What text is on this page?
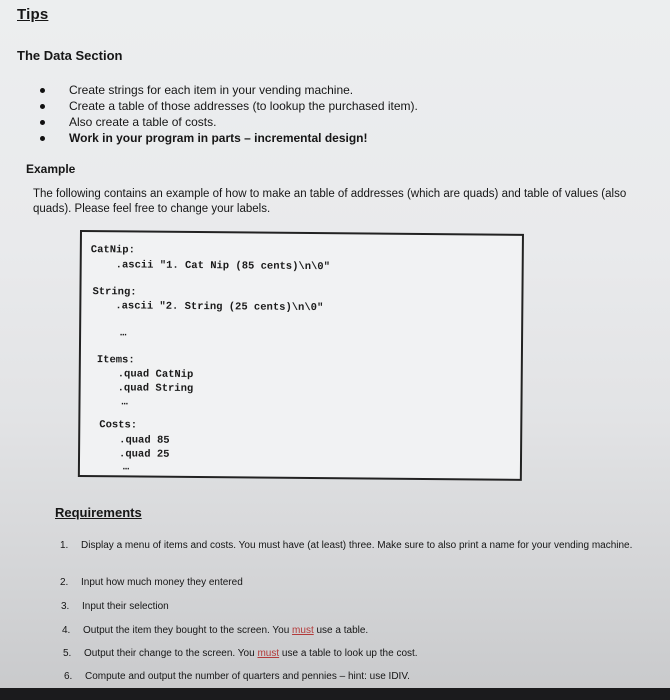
Tips
The Data Section
Create strings for each item in your vending machine.
Create a table of those addresses (to lookup the purchased item).
Also create a table of costs.
Work in your program in parts – incremental design!
Example
The following contains an example of how to make an table of addresses (which are quads) and table of values (also quads). Please feel free to change your labels.
CatNip:
.ascii "1. Cat Nip (85 cents)\n\0"
String:
.ascii "2. String (25 cents)\n\0"
…
Items:
.quad CatNip
.quad String
…
Costs:
.quad 85
.quad 25
…
Requirements
1. Display a menu of items and costs. You must have (at least) three. Make sure to also print a name for your vending machine.
2. Input how much money they entered
3. Input their selection
4. Output the item they bought to the screen. You must use a table.
5. Output their change to the screen. You must use a table to look up the cost.
6. Compute and output the number of quarters and pennies – hint: use IDIV.
